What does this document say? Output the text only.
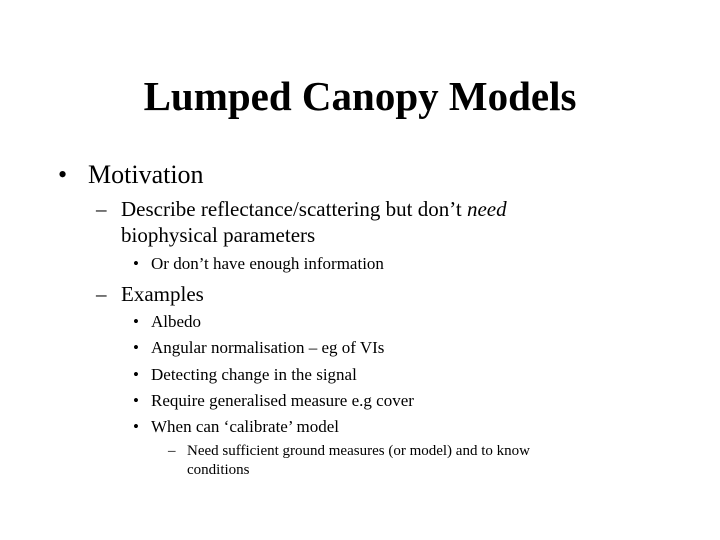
Lumped Canopy Models
• Motivation
– Describe reflectance/scattering but don’t need
biophysical parameters
• Or don’t have enough information
– Examples
• Albedo
• Angular normalisation – eg of VIs
• Detecting change in the signal
• Require generalised measure e.g cover
• When can ‘calibrate’ model
– Need sufficient ground measures (or model) and to know
conditions
